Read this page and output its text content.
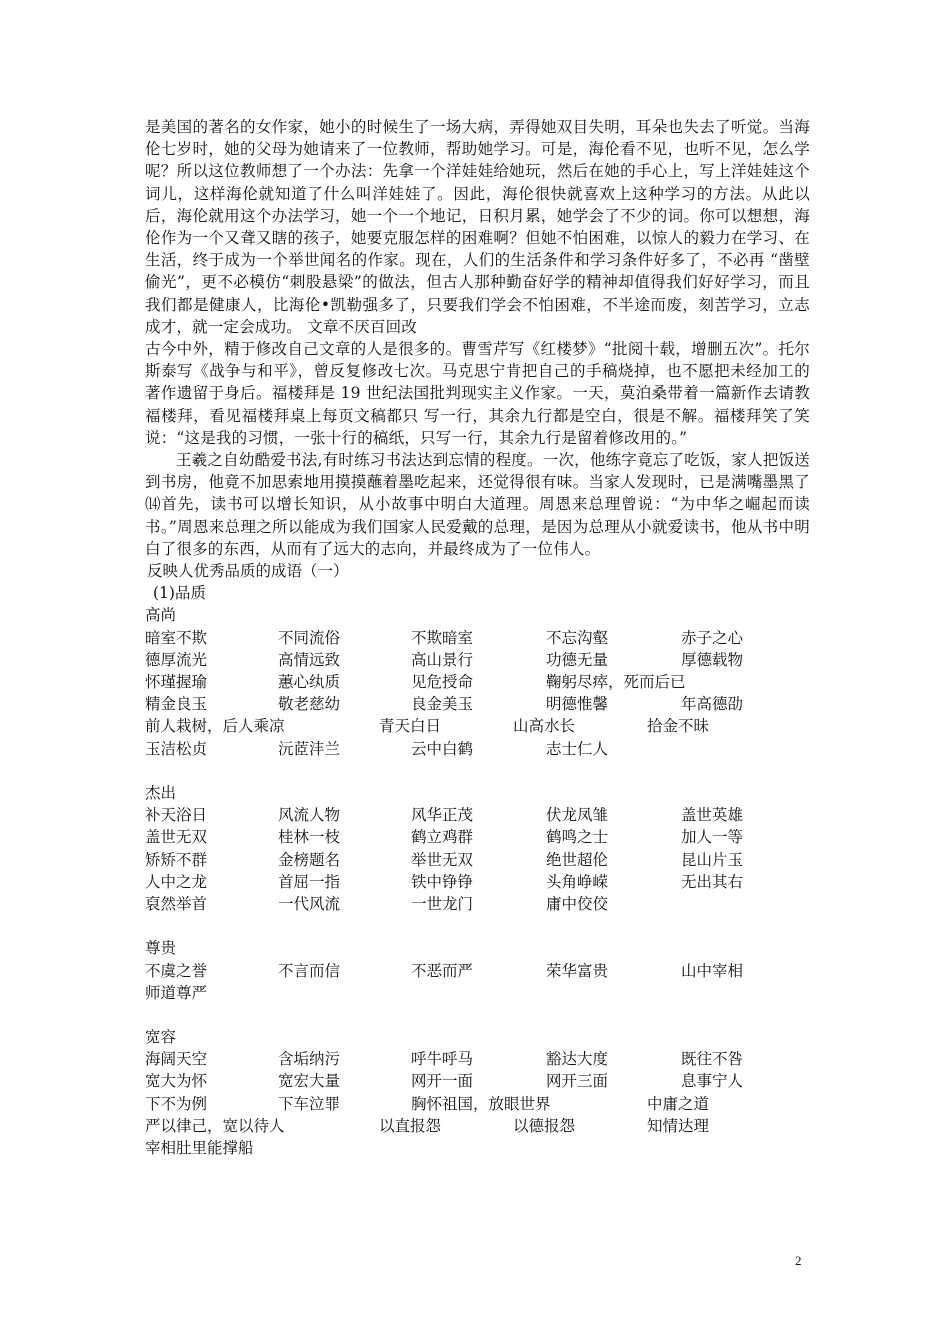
是美国的著名的女作家，她小的时候生了一场大病，弄得她双目失明，耳朵也失去了听觉。当海伦七岁时，她的父母为她请来了一位教师，帮助她学习。可是，海伦看不见，也听不见，怎么学呢？所以这位教师想了一个办法：先拿一个洋娃娃给她玩，然后在她的手心上，写上洋娃娃这个词儿，这样海伦就知道了什么叫洋娃娃了。因此，海伦很快就喜欢上这种学习的方法。从此以后，海伦就用这个办法学习，她一个一个地记，日积月累，她学会了不少的词。你可以想想，海伦作为一个又聋又瞎的孩子，她要克服怎样的困难啊？但她不怕困难，以惊人的毅力在学习、在生活，终于成为一个举世闻名的作家。现在，人们的生活条件和学习条件好多了，不必再 “凿壁偷光”，更不必模仿“刺股悬梁”的做法，但古人那种勤奋好学的精神却值得我们好好学习，而且我们都是健康人，比海伦•凯勒强多了，只要我们学会不怕困难，不半途而废，刻苦学习，立志成才，就一定会成功。 文章不厌百回改

古今中外，精于修改自己文章的人是很多的。曹雪芹写《红楼梦》“批阅十载，增删五次”。托尔斯泰写《战争与和平》，曾反复修改七次。马克思宁肯把自己的手稿烧掉，也不愿把未经加工的著作遗留于身后。福楼拜是 19 世纪法国批判现实主义作家。一天，莫泊桑带着一篇新作去请教福楼拜，看见福楼拜桌上每页文稿都只 写一行，其余九行都是空白，很是不解。福楼拜笑了笑说：“这是我的习惯，一张十行的稿纸，只写一行，其余九行是留着修改用的。”

王羲之自幼酷爱书法,有时练习书法达到忘情的程度。一次，他练字竟忘了吃饭，家人把饭送到书房，他竟不加思索地用摸摸蘸着墨吃起来，还觉得很有味。当家人发现时，已是满嘴墨黑了⒁首先，读书可以增长知识，从小故事中明白大道理。周恩来总理曾说：“为中华之崛起而读书。”周恩来总理之所以能成为我们国家人民爱戴的总理，是因为总理从小就爱读书，他从书中明白了很多的东西，从而有了远大的志向，并最终成为了一位伟人。

反映人优秀品质的成语（一）

(1)品质

高尚

暗室不欺	不同流俗	不欺暗室	不忘沟壑	赤子之心
德厚流光	高情远致	高山景行	功德无量	厚德载物
怀瑾握瑜	蕙心纨质	见危授命	鞠躬尽瘁，死而后已
精金良玉	敬老慈幼	良金美玉	明德惟馨	年高德劭
前人栽树，后人乘凉	青天白日	山高水长	拾金不昧
玉洁松贞	沅茝沣兰	云中白鹤	志士仁人

杰出

补天浴日	风流人物	风华正茂	伏龙凤雏	盖世英雄
盖世无双	桂林一枝	鹤立鸡群	鹤鸣之士	加人一等
矫矫不群	金榜题名	举世无双	绝世超伦	昆山片玉
人中之龙	首屈一指	铁中铮铮	头角峥嵘	无出其右
裒然举首	一代风流	一世龙门	庸中佼佼

尊贵

不虞之誉	不言而信	不恶而严	荣华富贵	山中宰相
师道尊严

宽容

海阔天空	含垢纳污	呼牛呼马	豁达大度	既往不咎
宽大为怀	宽宏大量	网开一面	网开三面	息事宁人
下不为例	下车泣罪	胸怀祖国，放眼世界	中庸之道
严以律己，宽以待人	以直报怨	以德报怨	知情达理
宰相肚里能撑船
2
